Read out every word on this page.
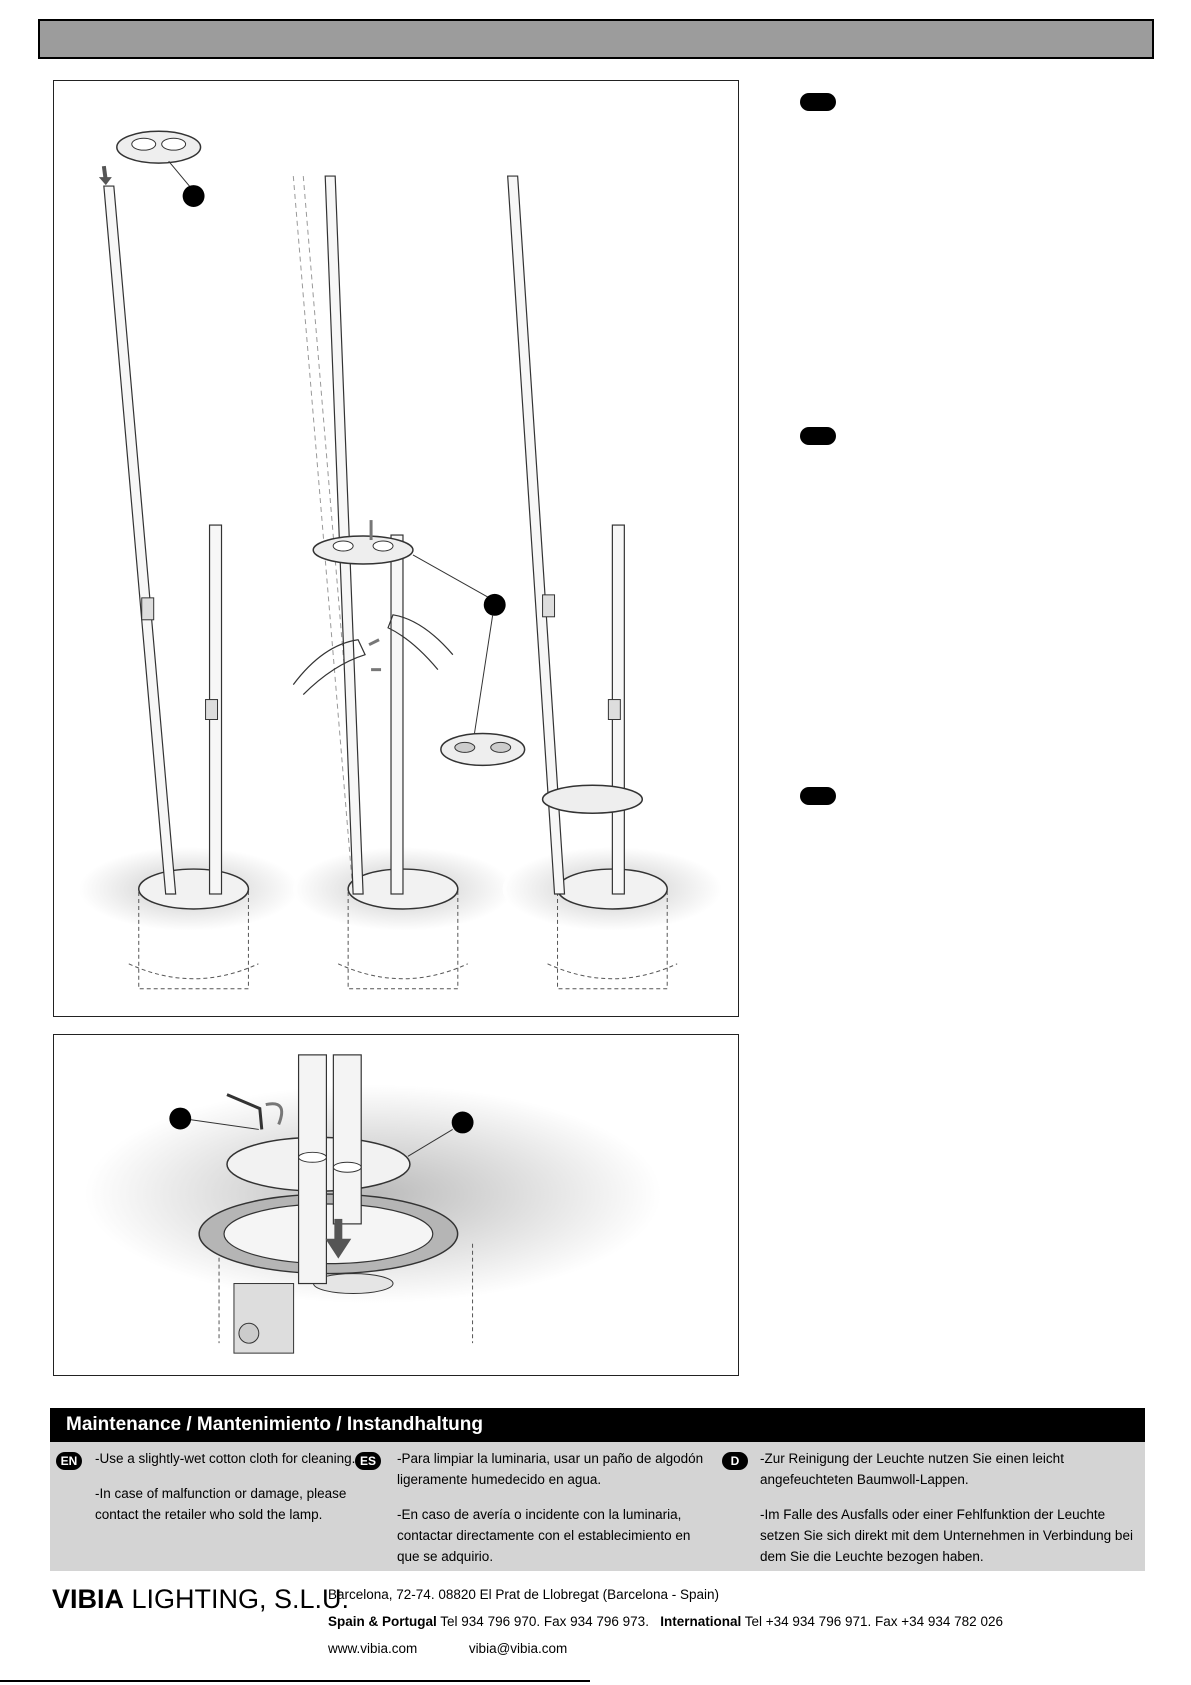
Maintenance / Mantenimiento / Instandhaltung
EN	-Use a slightly-wet cotton cloth for cleaning.

-In case of malfunction or damage, please contact the retailer who sold the lamp.

ES	-Para limpiar la luminaria, usar un paño de algodón ligeramente humedecido en agua.

-En caso de avería o incidente con la luminaria, contactar directamente con el establecimiento en que se adquirio.

D	-Zur Reinigung der Leuchte nutzen Sie einen leicht angefeuchteten Baumwoll-Lappen.

-Im Falle des Ausfalls oder einer Fehlfunktion der Leuchte setzen Sie sich direkt mit dem Unternehmen in Verbindung bei dem Sie die Leuchte bezogen haben.

VIBIA LIGHTING, S.L.U.
Barcelona, 72-74. 08820 El Prat de Llobregat (Barcelona - Spain)
Spain & Portugal Tel 934 796 970. Fax 934 796 973. International Tel +34 934 796 971. Fax +34 934 782 026
www.vibia.com	vibia@vibia.com
